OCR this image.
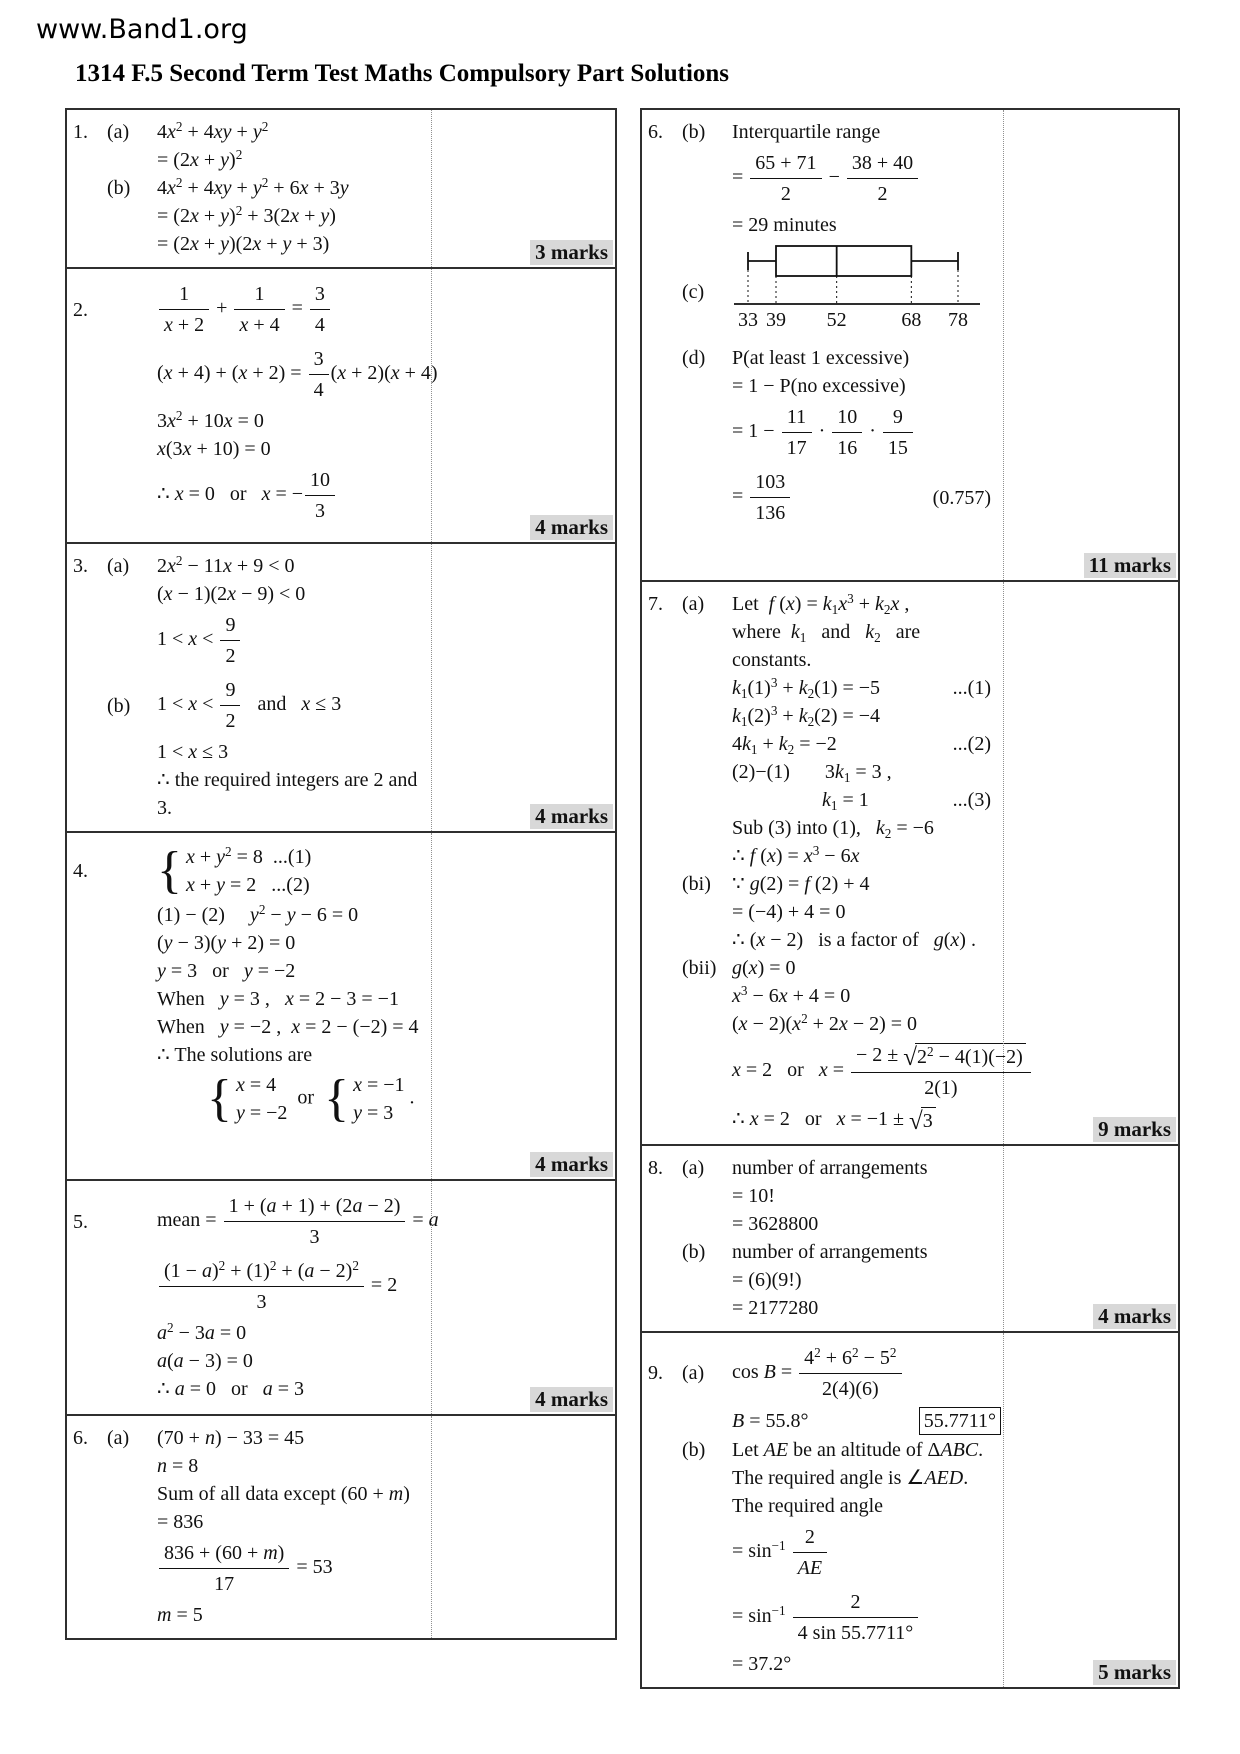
www.Band1.org
1314 F.5 Second Term Test Maths Compulsory Part Solutions
1. (a)	$4x^2 + 4xy + y^2$
= $(2x + y)^2$
(b)	$4x^2 + 4xy + y^2 + 6x + 3y$
= $(2x + y)^2 + 3(2x + y)$
= (2x + y)(2x + y + 3)	3 marks
2.	$\frac{1}{x + 2} + \frac{1}{x + 4} = \frac{3}{4}$
$(x + 4) + (x + 2) = \frac{3}{4} (x + 2)(x + 4)$
$3x^2 + 10x = 0$
x(3x + 10) = 0
∴ x = 0  or  x = − $\frac{10}{3}$
4 marks
3. (a)	$2x^2 - 11x + 9 < 0$
(x − 1)(2x − 9) < 0
$1 < x < \frac{9}{2}$
(b)	$1 < x < \frac{9}{2}$   and  x ≤ 3
1 < x ≤ 3
∴ the required integers are 2 and
3.	4 marks
4.	{ $x + y^2 = 8$ ...(1)
x + y = 2  ...(2)
(1) − (2)  $y^2 - y - 6 = 0$
(y − 3)(y + 2) = 0
y = 3  or  y = −2
When  y = 3 ,  x = 2 − 3 = −1
When  y = −2 , x = 2 − (−2) = 4
∴ The solutions are
{ x = 4
y = −2
 or  { x = −1
y = 3
.
4 marks
5.	mean = $\frac{1 + (a + 1) + (2a - 2)}{3} = a$
$\frac{(1 - a)^2 + (1)^2 + (a - 2)^2}{3} = 2$
$a^2 - 3a = 0$
a(a − 3) = 0
∴ a = 0  or  a = 3	4 marks
6. (a)	(70 + n) − 33 = 45
n = 8
Sum of all data except (60 + m)
= 836
$\frac{836 + (60 + m)}{17} = 53$
m = 5
6. (b)	Interquartile range
= $\frac{65 + 71}{2} - \frac{38 + 40}{2}$
= 29 minutes
(c)
33 39 52	68 78
(d)	P(at least 1 excessive)
= 1 − P(no excessive)
= $1 - \frac{11}{17} \cdot \frac{10}{16} \cdot \frac{9}{15}$
= $\frac{103}{136}$	(0.757)
11 marks
7. (a)	Let f $(x) = k_1x^3 + k_2x$ ,
where $k_1$  and  $k_2$  are
constants.
$k_1(1)^3 + k_2(1) = -5$	...(1)
$k_1(2)^3 + k_2(2) = -4$
$4k_1 + k_2 = -2$	...(2)
(2)−(1)   $3k_1 = 3$ ,
$k_1 = 1$	...(3)
Sub (3) into (1),  $k_2 = -6$
∴ f $(x) = x^3 - 6x$
(bi)	∵ g(2) = f (2) + 4
= (−4) + 4 = 0
∴ (x − 2)  is a factor of  g(x) .
(bii) g(x) = 0
$x^3 - 6x + 4 = 0$
$(x - 2)(x^2 + 2x - 2) = 0$
x = 2  or  $x = \frac{- 2 \pm √ 2^2 - 4(1)(-2)}{2(1)}$
∴ x = 2  or  x = −1 ± √ 3	9 marks
8. (a)	number of arrangements
= 10!
= 3628800
(b)	number of arrangements
= (6)(9!)
= 2177280	4 marks
9. (a)	$\cos B = \frac{4^2 + 6^2 - 5^2}{2(4)(6)}$
B = 55.8°	55.7711°
(b)	Let AE be an altitude of ΔABC.
The required angle is ∠AED.
The required angle
= $\sin^{-1} \frac{2}{AE}$
= $\sin^{-1} \frac{2}{4 \sin 55.7711^\circ}$
= 37.2°	5 marks
